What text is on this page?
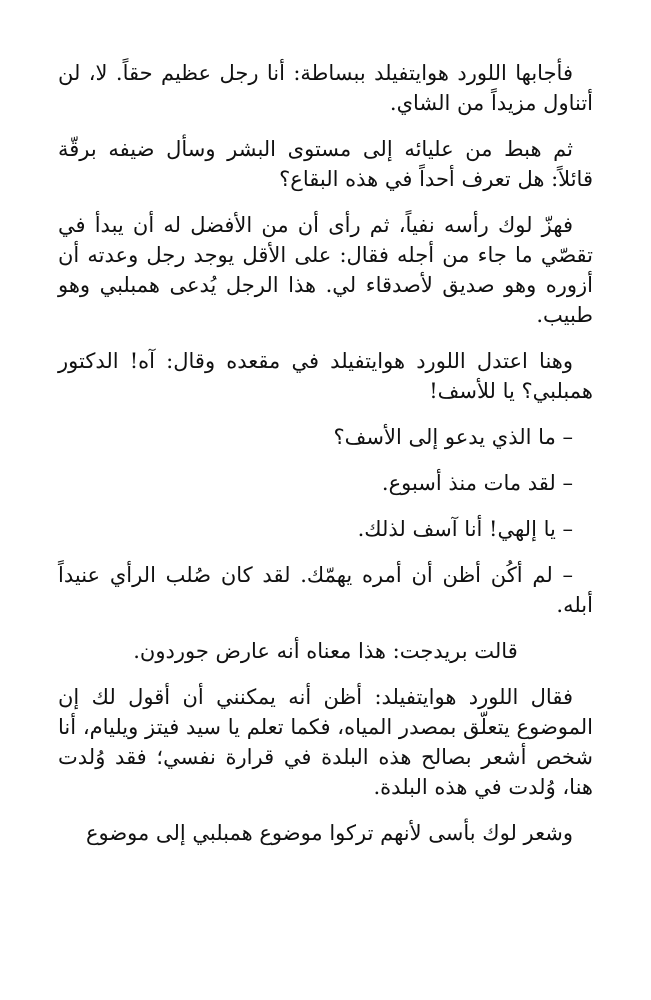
فأجابها اللورد هوايتفيلد ببساطة: أنا رجل عظيم حقاً. لا، لن أتناول مزيداً من الشاي.

ثم هبط من عليائه إلى مستوى البشر وسأل ضيفه برقّة قائلاً: هل تعرف أحداً في هذه البقاع؟

فهزّ لوك رأسه نفياً، ثم رأى أن من الأفضل له أن يبدأ في تقصّي ما جاء من أجله فقال: على الأقل يوجد رجل وعدته أن أزوره وهو صديق لأصدقاء لي. هذا الرجل يُدعى همبلبي وهو طبيب.

وهنا اعتدل اللورد هوايتفيلد في مقعده وقال: آه! الدكتور همبلبي؟ يا للأسف!

– ما الذي يدعو إلى الأسف؟

– لقد مات منذ أسبوع.

– يا إلهي! أنا آسف لذلك.

– لم أكُن أظن أن أمره يهمّك. لقد كان صُلب الرأي عنيداً أبله.

قالت بريدجت: هذا معناه أنه عارض جوردون.

فقال اللورد هوايتفيلد: أظن أنه يمكنني أن أقول لك إن الموضوع يتعلّق بمصدر المياه، فكما تعلم يا سيد فيتز ويليام، أنا شخص أشعر بصالح هذه البلدة في قرارة نفسي؛ فقد وُلدت هنا، وُلدت في هذه البلدة.

وشعر لوك بأسى لأنهم تركوا موضوع همبلبي إلى موضوع
